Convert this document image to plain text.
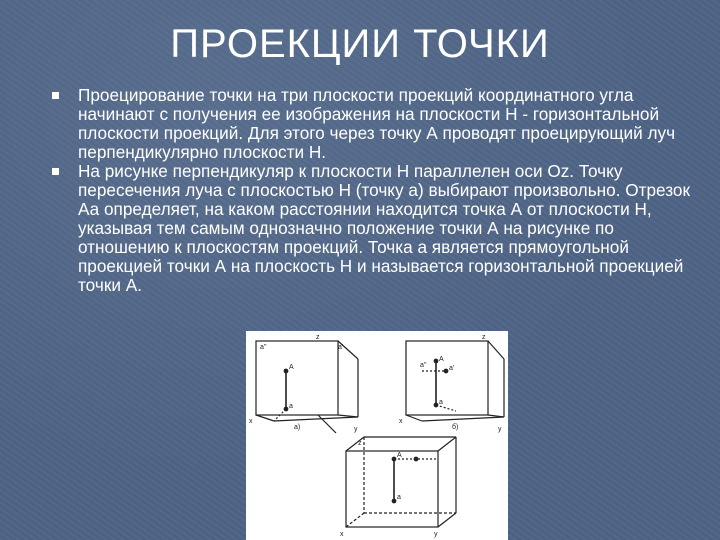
ПРОЕКЦИИ ТОЧКИ
Проецирование точки на три плоскости проекций координатного угла начинают с получения ее изображения на плоскости Н - горизонтальной плоскости проекций. Для этого через точку А проводят проецирующий луч перпендикулярно плоскости Н.
На рисунке перпендикуляр к плоскости Н параллелен оси Oz. Точку пересечения луча с плоскостью Н (точку а) выбирают произвольно. Отрезок Аа определяет, на каком расстоянии находится точка А от плоскости Н, указывая тем самым однозначно положение точки А на рисунке по отношению к плоскостям проекций. Точка а является прямоугольной проекцией точки А на плоскость Н и называется горизонтальной проекцией точки А.
а)	б)
A
a
a''	a'
A
a
a'
a''
a
A
z	z
x
y
x
y
y
x
z
